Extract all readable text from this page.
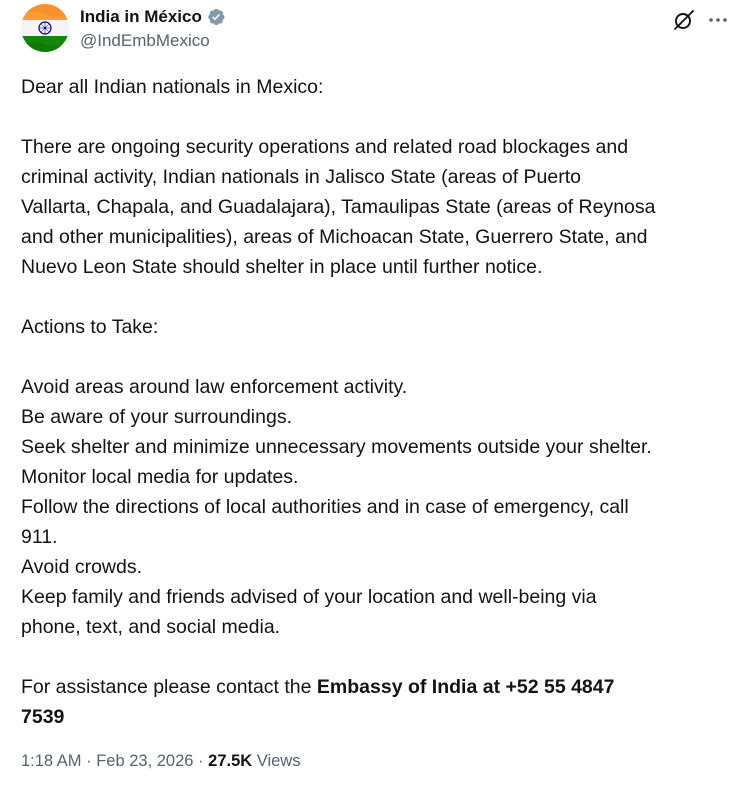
India in México
@IndEmbMexico

Dear all Indian nationals in Mexico:

There are ongoing security operations and related road blockages and

criminal activity, Indian nationals in Jalisco State (areas of Puerto

Vallarta, Chapala, and Guadalajara), Tamaulipas State (areas of Reynosa

and other municipalities), areas of Michoacan State, Guerrero State, and

Nuevo Leon State should shelter in place until further notice.

Actions to Take:

Avoid areas around law enforcement activity.

Be aware of your surroundings.

Seek shelter and minimize unnecessary movements outside your shelter.

Monitor local media for updates.

Follow the directions of local authorities and in case of emergency, call

911.

Avoid crowds.

Keep family and friends advised of your location and well-being via

phone, text, and social media.

For assistance please contact the Embassy of India at +52 55 4847

7539

1:18 AM · Feb 23, 2026 · 27.5K Views
